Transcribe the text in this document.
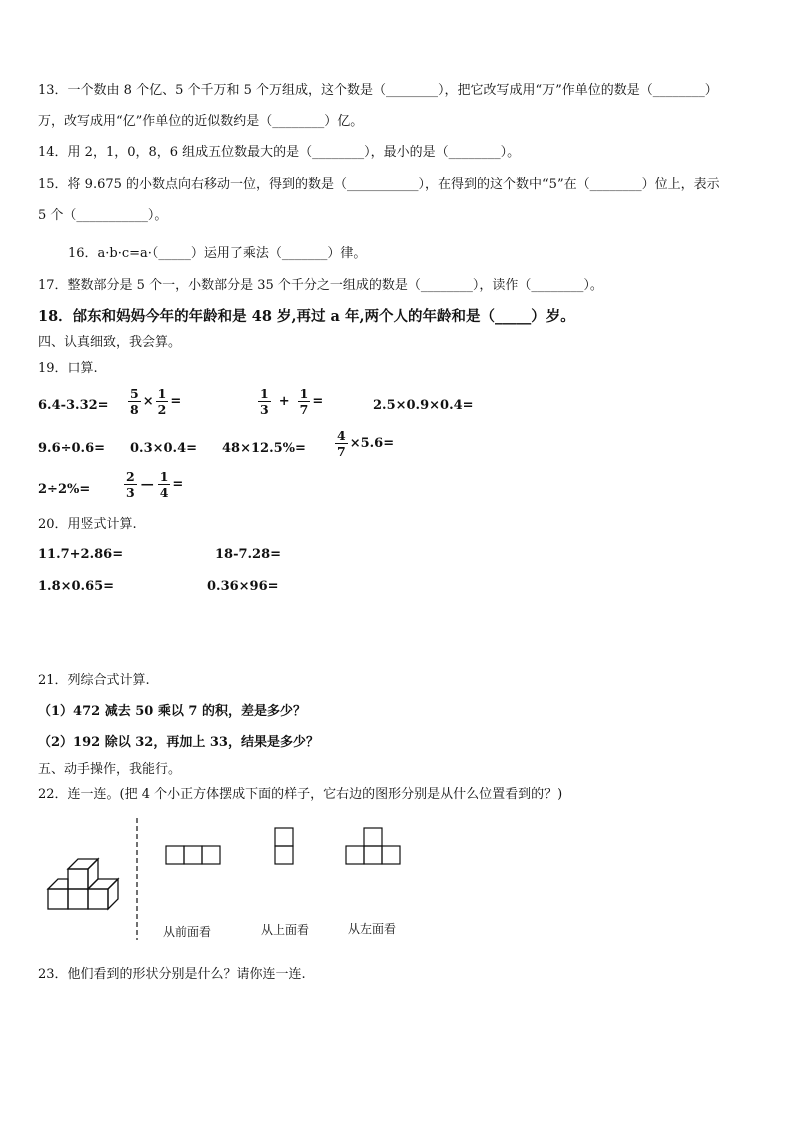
13．一个数由 8 个亿、5 个千万和 5 个万组成，这个数是（________），把它改写成用“万”作单位的数是（________）
万，改写成用“亿”作单位的近似数约是（________）亿。
14．用 2，1，0，8，6 组成五位数最大的是（________），最小的是（________）。
15．将 9.675 的小数点向右移动一位，得到的数是（___________），在得到的这个数中“5”在（________）位上，表示
5 个（___________）。
16．a·b·c=a·（_____）运用了乘法（_______）律。
17．整数部分是 5 个一，小数部分是 35 个千分之一组成的数是（________），读作（________）。
18．邰东和妈妈今年的年龄和是 48 岁,再过 a 年,两个人的年龄和是（_____）岁。
四、认真细致，我会算。
19．口算.
$6.4-3.32= \frac{5}{8} \times \frac{1}{2}$ =	$\frac{1}{3} + \frac{1}{7}$ =	2.5×0.9×0.4=
$9.6\div 0.6= 0.3\times 0.4= 48\times 12.5\%= \frac{4}{7} \times 5.6=$
2÷2%=	$\frac{2}{3}$ — $\frac{1}{4}$ =
20．用竖式计算.
11.7+2.86=	18-7.28=
1.8×0.65=	0.36×96=
21．列综合式计算.
（1）472 减去 50 乘以 7 的积，差是多少？
（2）192 除以 32，再加上 33，结果是多少？
五、动手操作，我能行。
22．连一连。(把 4 个小正方体摆成下面的样子，它右边的图形分别是从什么位置看到的？)
从前面看	从上面看	从左面看
23．他们看到的形状分别是什么？请你连一连.
